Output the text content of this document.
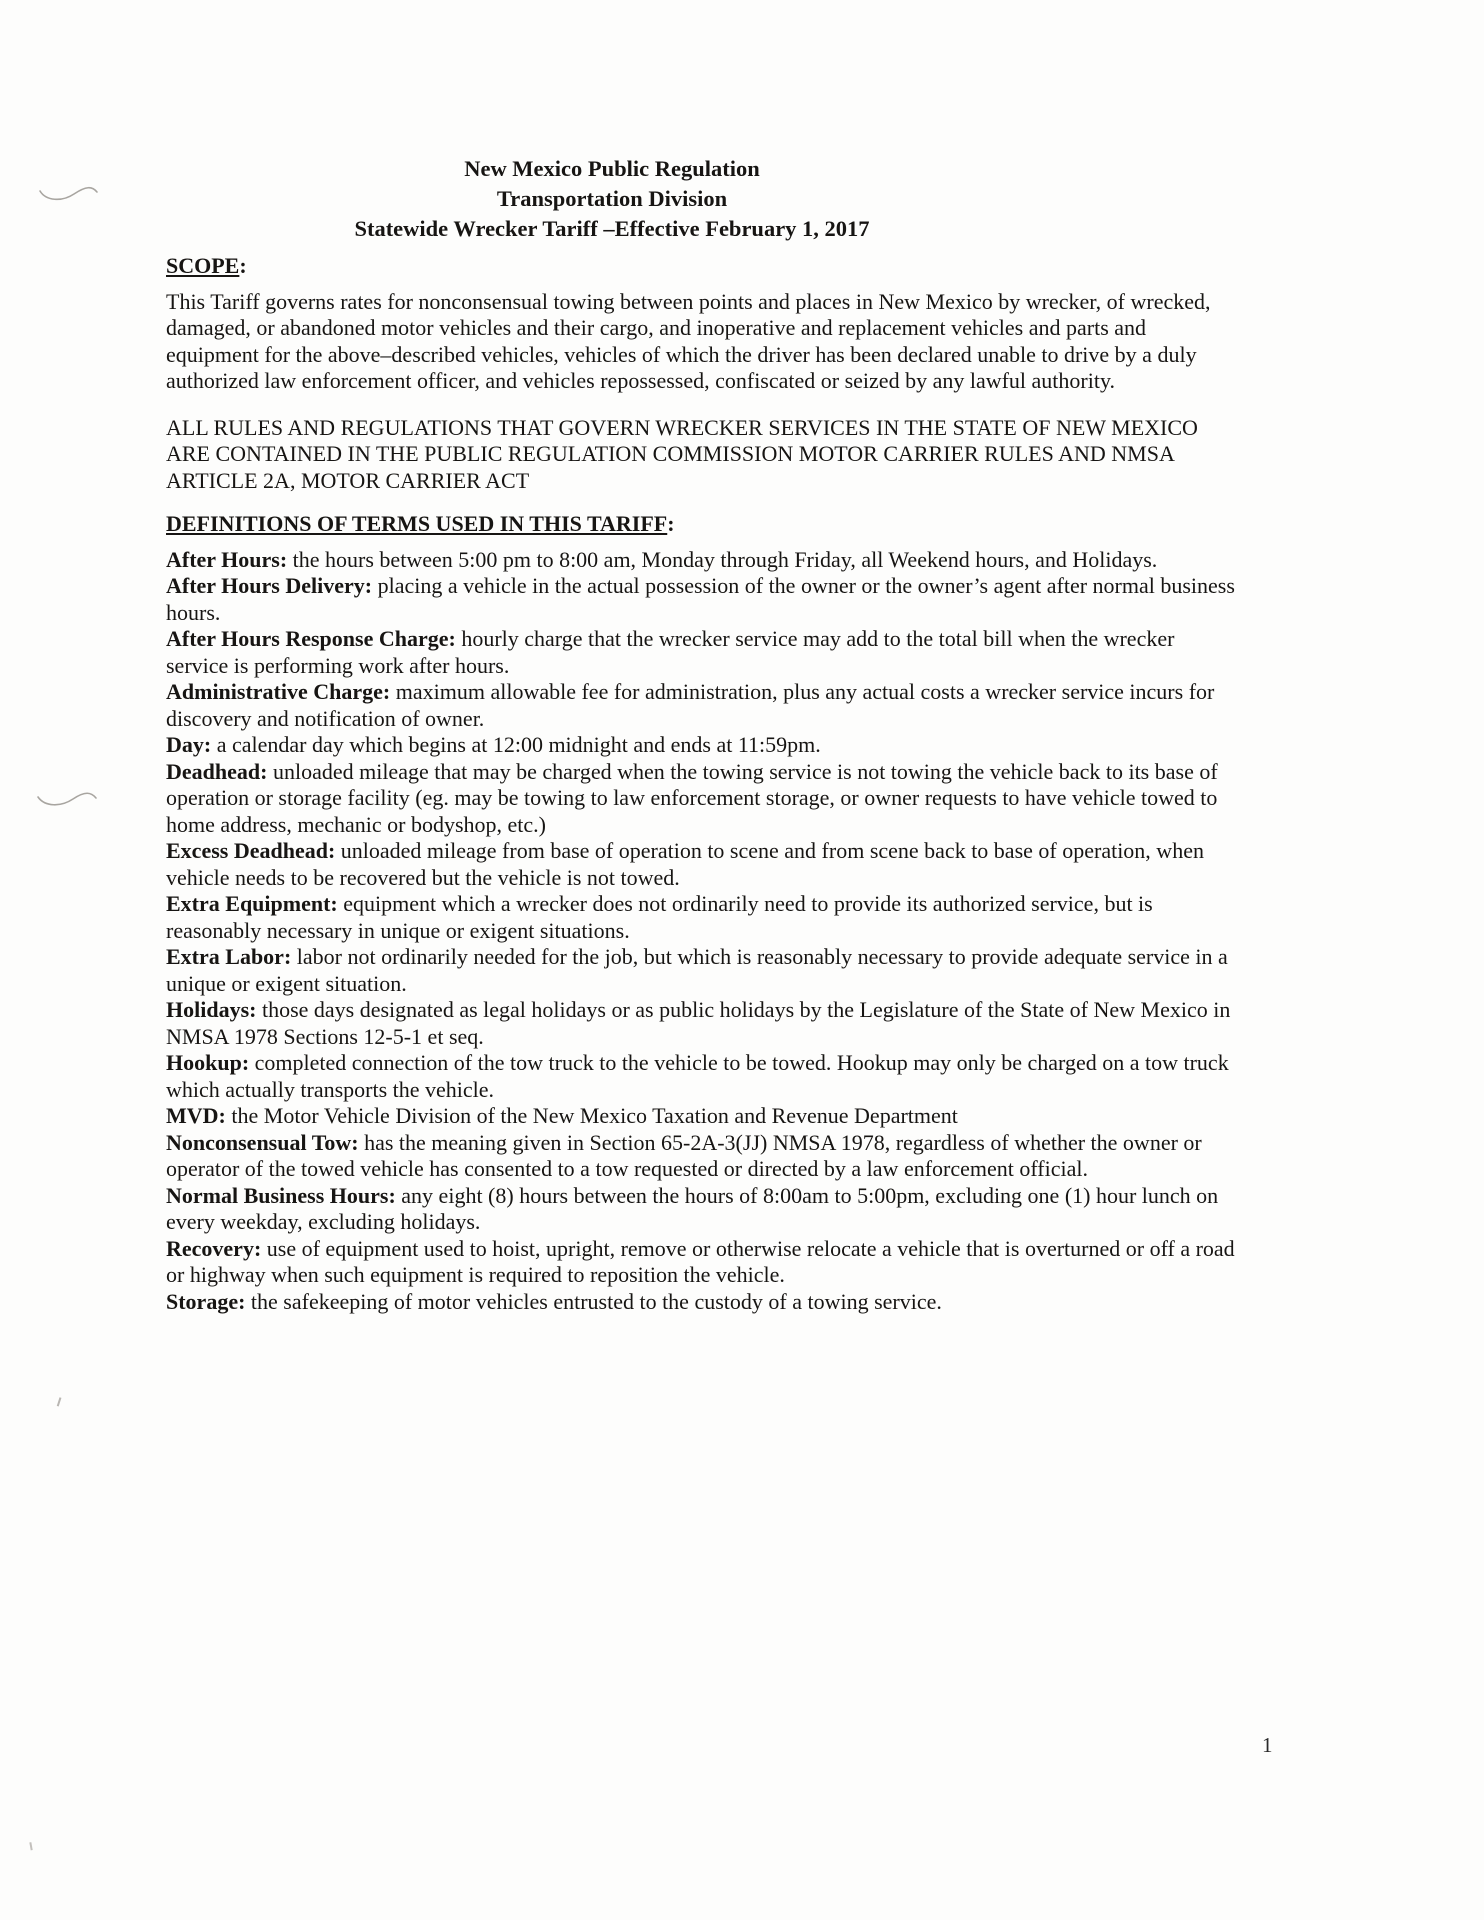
New Mexico Public Regulation
Transportation Division
Statewide Wrecker Tariff –Effective February 1, 2017
SCOPE:

This Tariff governs rates for nonconsensual towing between points and places in New Mexico by wrecker, of wrecked, damaged, or abandoned motor vehicles and their cargo, and inoperative and replacement vehicles and parts and equipment for the above–described vehicles, vehicles of which the driver has been declared unable to drive by a duly authorized law enforcement officer, and vehicles repossessed, confiscated or seized by any lawful authority.

ALL RULES AND REGULATIONS THAT GOVERN WRECKER SERVICES IN THE STATE OF NEW MEXICO ARE CONTAINED IN THE PUBLIC REGULATION COMMISSION MOTOR CARRIER RULES AND NMSA ARTICLE 2A, MOTOR CARRIER ACT

DEFINITIONS OF TERMS USED IN THIS TARIFF:

After Hours: the hours between 5:00 pm to 8:00 am, Monday through Friday, all Weekend hours, and Holidays.

After Hours Delivery: placing a vehicle in the actual possession of the owner or the owner’s agent after normal business hours.

After Hours Response Charge: hourly charge that the wrecker service may add to the total bill when the wrecker service is performing work after hours.

Administrative Charge: maximum allowable fee for administration, plus any actual costs a wrecker service incurs for discovery and notification of owner.

Day: a calendar day which begins at 12:00 midnight and ends at 11:59pm.

Deadhead: unloaded mileage that may be charged when the towing service is not towing the vehicle back to its base of operation or storage facility (eg. may be towing to law enforcement storage, or owner requests to have vehicle towed to home address, mechanic or bodyshop, etc.)

Excess Deadhead: unloaded mileage from base of operation to scene and from scene back to base of operation, when vehicle needs to be recovered but the vehicle is not towed.

Extra Equipment: equipment which a wrecker does not ordinarily need to provide its authorized service, but is reasonably necessary in unique or exigent situations.

Extra Labor: labor not ordinarily needed for the job, but which is reasonably necessary to provide adequate service in a unique or exigent situation.

Holidays: those days designated as legal holidays or as public holidays by the Legislature of the State of New Mexico in NMSA 1978 Sections 12-5-1 et seq.

Hookup: completed connection of the tow truck to the vehicle to be towed. Hookup may only be charged on a tow truck which actually transports the vehicle.

MVD: the Motor Vehicle Division of the New Mexico Taxation and Revenue Department

Nonconsensual Tow: has the meaning given in Section 65-2A-3(JJ) NMSA 1978, regardless of whether the owner or operator of the towed vehicle has consented to a tow requested or directed by a law enforcement official.

Normal Business Hours: any eight (8) hours between the hours of 8:00am to 5:00pm, excluding one (1) hour lunch on every weekday, excluding holidays.

Recovery: use of equipment used to hoist, upright, remove or otherwise relocate a vehicle that is overturned or off a road or highway when such equipment is required to reposition the vehicle.

Storage: the safekeeping of motor vehicles entrusted to the custody of a towing service.

1
